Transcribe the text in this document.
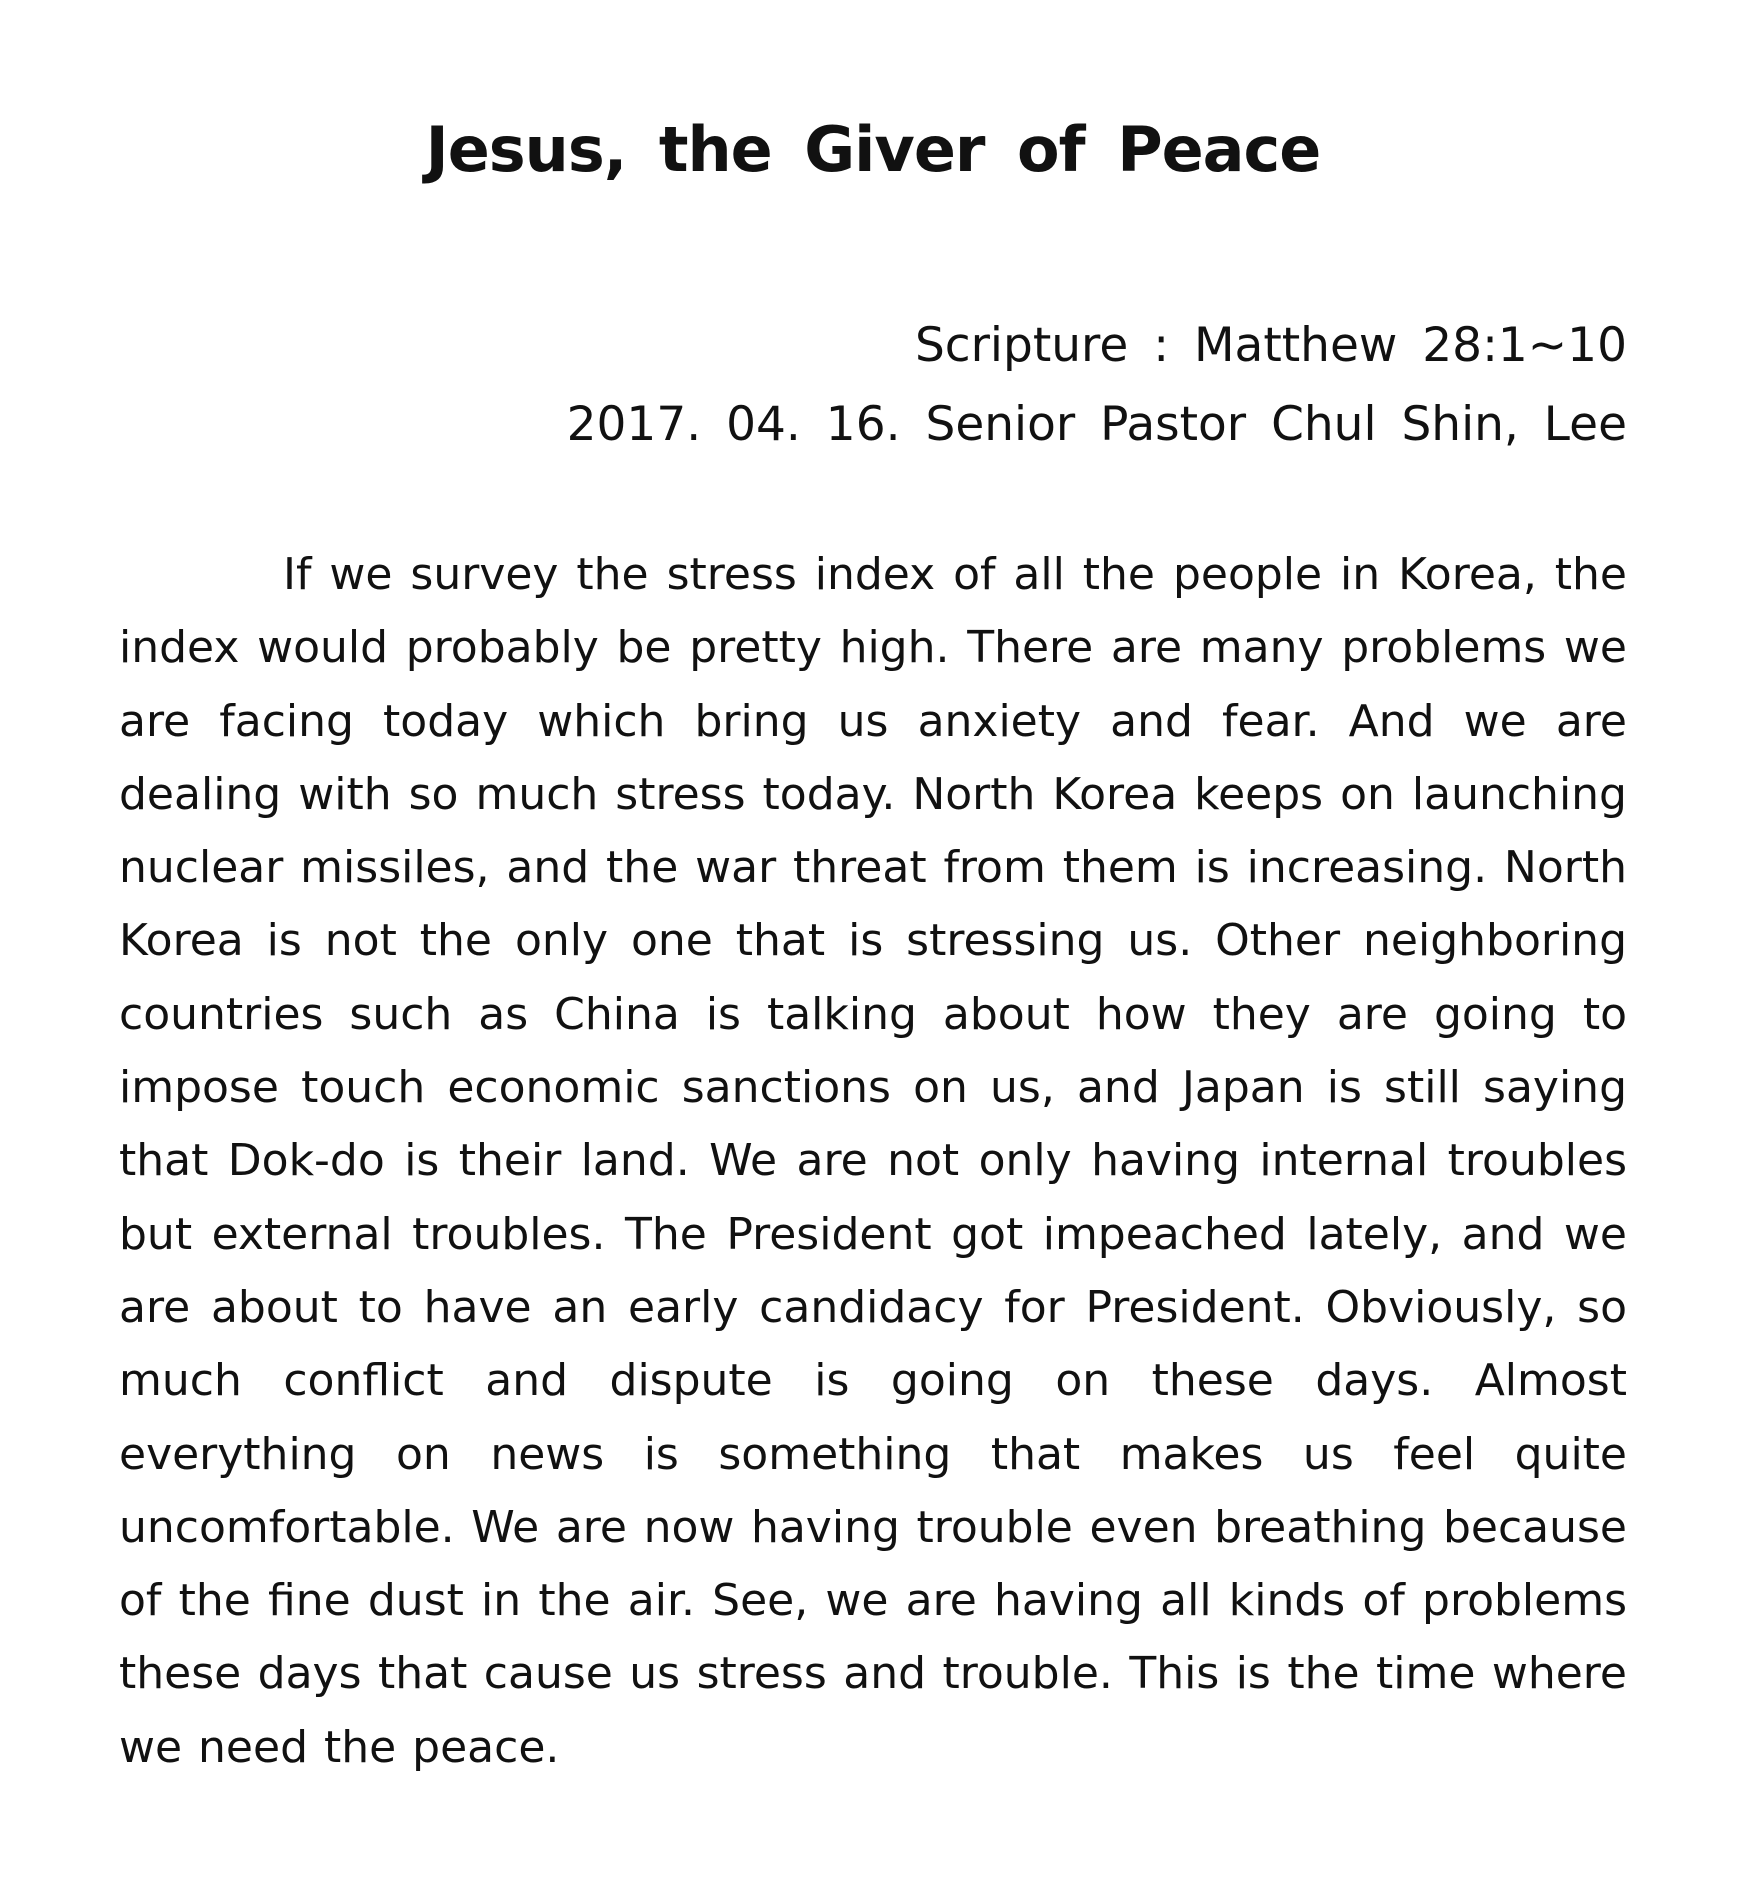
Jesus, the Giver of Peace
Scripture : Matthew 28:1~10
2017. 04. 16. Senior Pastor Chul Shin, Lee

If we survey the stress index of all the people in Korea, the index would probably be pretty high. There are many problems we are facing today which bring us anxiety and fear. And we are dealing with so much stress today. North Korea keeps on launching nuclear missiles, and the war threat from them is increasing. North Korea is not the only one that is stressing us. Other neighboring countries such as China is talking about how they are going to impose touch economic sanctions on us, and Japan is still saying that Dok-do is their land. We are not only having internal troubles but external troubles. The President got impeached lately, and we are about to have an early candidacy for President. Obviously, so much conflict and dispute is going on these days. Almost everything on news is something that makes us feel quite uncomfortable. We are now having trouble even breathing because of the fine dust in the air. See, we are having all kinds of problems these days that cause us stress and trouble. This is the time where we need the peace.
